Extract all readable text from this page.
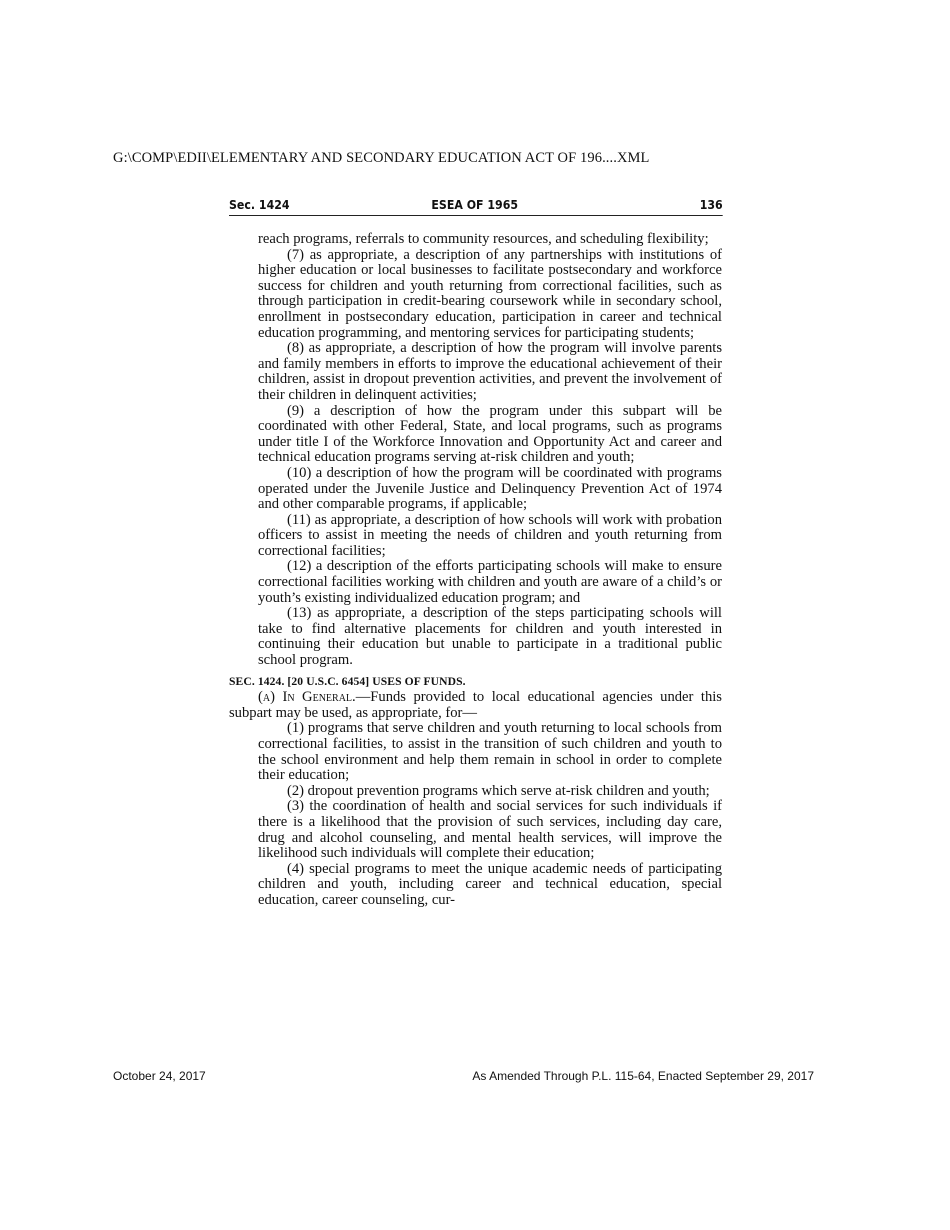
G:\COMP\EDII\ELEMENTARY AND SECONDARY EDUCATION ACT OF 196....XML
Sec. 1424	ESEA OF 1965	136

reach programs, referrals to community resources, and scheduling flexibility;

(7) as appropriate, a description of any partnerships with institutions of higher education or local businesses to facilitate postsecondary and workforce success for children and youth returning from correctional facilities, such as through participation in credit-bearing coursework while in secondary school, enrollment in postsecondary education, participation in career and technical education programming, and mentoring services for participating students;

(8) as appropriate, a description of how the program will involve parents and family members in efforts to improve the educational achievement of their children, assist in dropout prevention activities, and prevent the involvement of their children in delinquent activities;

(9) a description of how the program under this subpart will be coordinated with other Federal, State, and local programs, such as programs under title I of the Workforce Innovation and Opportunity Act and career and technical education programs serving at-risk children and youth;

(10) a description of how the program will be coordinated with programs operated under the Juvenile Justice and Delinquency Prevention Act of 1974 and other comparable programs, if applicable;

(11) as appropriate, a description of how schools will work with probation officers to assist in meeting the needs of children and youth returning from correctional facilities;

(12) a description of the efforts participating schools will make to ensure correctional facilities working with children and youth are aware of a child’s or youth’s existing individualized education program; and

(13) as appropriate, a description of the steps participating schools will take to find alternative placements for children and youth interested in continuing their education but unable to participate in a traditional public school program.

SEC. 1424. [20 U.S.C. 6454] USES OF FUNDS.

(a) In General.—Funds provided to local educational agencies under this subpart may be used, as appropriate, for—

(1) programs that serve children and youth returning to local schools from correctional facilities, to assist in the transition of such children and youth to the school environment and help them remain in school in order to complete their education;

(2) dropout prevention programs which serve at-risk children and youth;

(3) the coordination of health and social services for such individuals if there is a likelihood that the provision of such services, including day care, drug and alcohol counseling, and mental health services, will improve the likelihood such individuals will complete their education;

(4) special programs to meet the unique academic needs of participating children and youth, including career and technical education, special education, career counseling, cur-

October 24, 2017	As Amended Through P.L. 115-64, Enacted September 29, 2017
